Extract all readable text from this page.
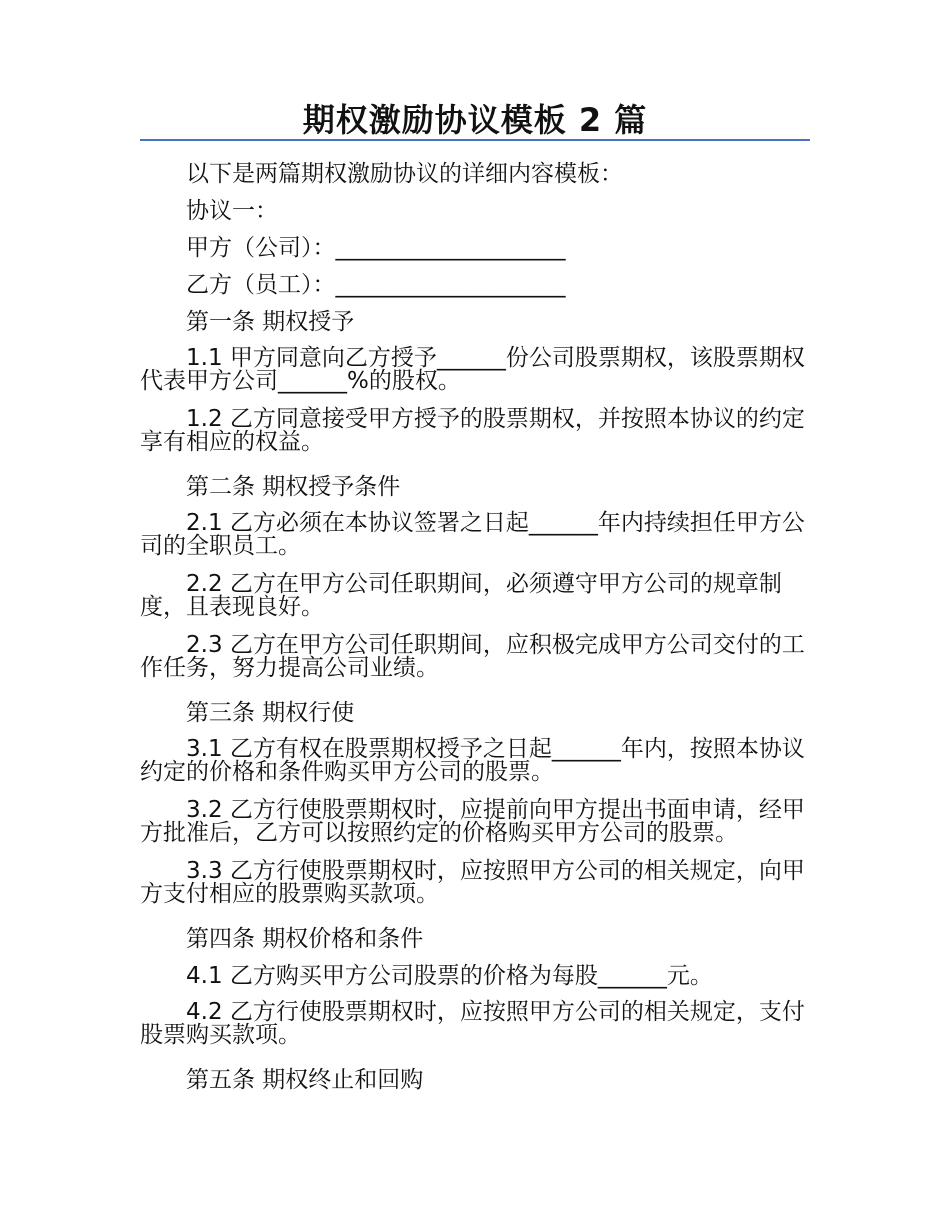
期权激励协议模板 2 篇

以下是两篇期权激励协议的详细内容模板：

协议一：

甲方（公司）：____________________

乙方（员工）：____________________

第一条 期权授予

1.1 甲方同意向乙方授予______份公司股票期权，该股票期权代表甲方公司______%的股权。

1.2 乙方同意接受甲方授予的股票期权，并按照本协议的约定享有相应的权益。

第二条 期权授予条件

2.1 乙方必须在本协议签署之日起______年内持续担任甲方公司的全职员工。

2.2 乙方在甲方公司任职期间，必须遵守甲方公司的规章制度，且表现良好。

2.3 乙方在甲方公司任职期间，应积极完成甲方公司交付的工作任务，努力提高公司业绩。

第三条 期权行使

3.1 乙方有权在股票期权授予之日起______年内，按照本协议约定的价格和条件购买甲方公司的股票。

3.2 乙方行使股票期权时，应提前向甲方提出书面申请，经甲方批准后，乙方可以按照约定的价格购买甲方公司的股票。

3.3 乙方行使股票期权时，应按照甲方公司的相关规定，向甲方支付相应的股票购买款项。

第四条 期权价格和条件

4.1 乙方购买甲方公司股票的价格为每股______元。

4.2 乙方行使股票期权时，应按照甲方公司的相关规定，支付股票购买款项。

第五条 期权终止和回购
